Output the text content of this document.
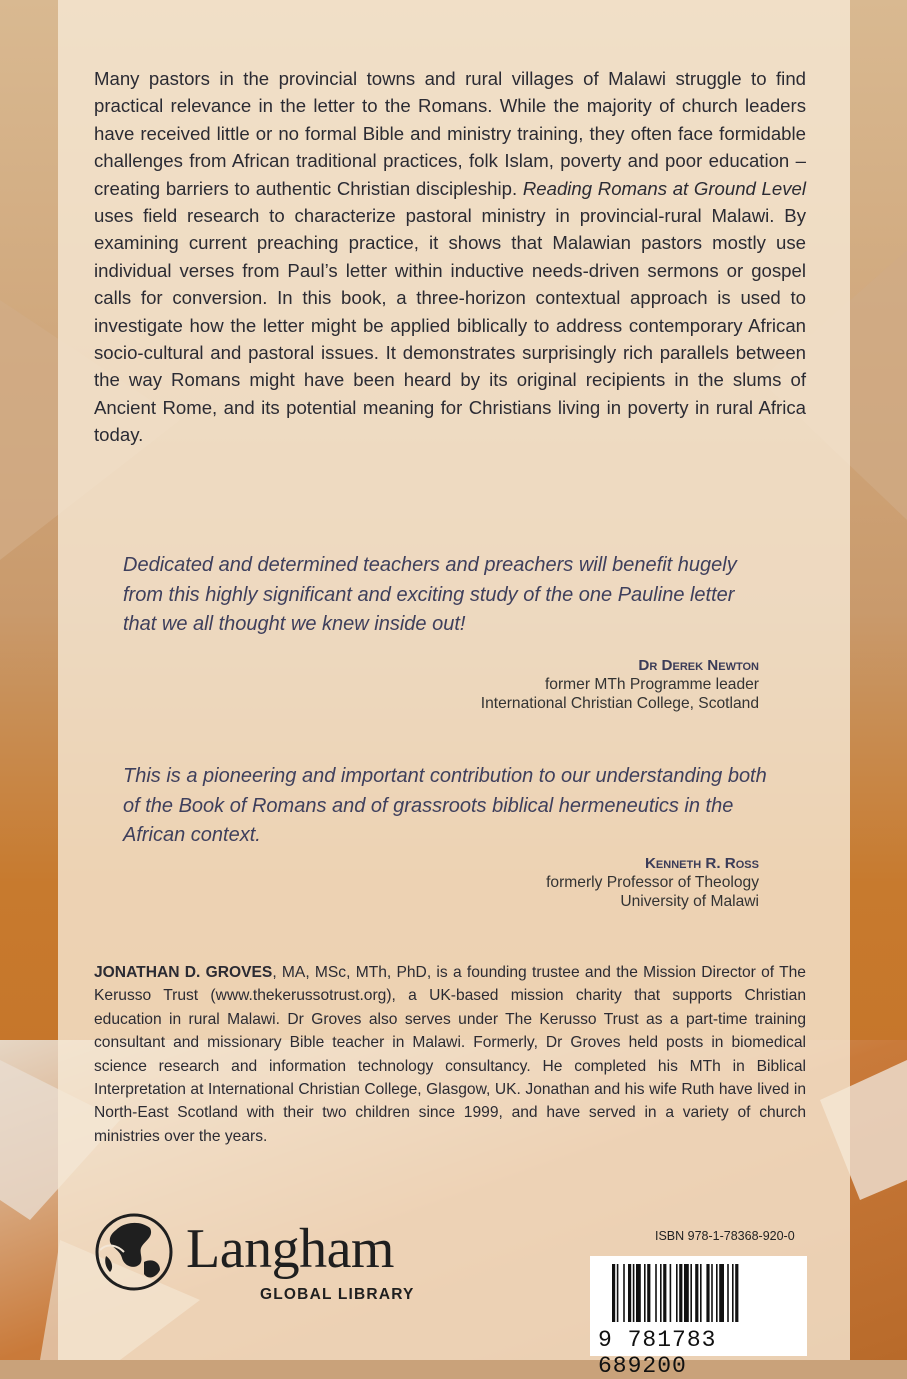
Many pastors in the provincial towns and rural villages of Malawi struggle to find practical relevance in the letter to the Romans. While the majority of church leaders have received little or no formal Bible and ministry training, they often face formidable challenges from African traditional practices, folk Islam, poverty and poor education – creating barriers to authentic Christian discipleship. Reading Romans at Ground Level uses field research to characterize pastoral ministry in provincial-rural Malawi. By examining current preaching practice, it shows that Malawian pastors mostly use individual verses from Paul’s letter within inductive needs-driven sermons or gospel calls for conversion. In this book, a three-horizon contextual approach is used to investigate how the letter might be applied biblically to address contemporary African socio-cultural and pastoral issues. It demonstrates surprisingly rich parallels between the way Romans might have been heard by its original recipients in the slums of Ancient Rome, and its potential meaning for Christians living in poverty in rural Africa today.

Dedicated and determined teachers and preachers will benefit hugely from this highly significant and exciting study of the one Pauline letter that we all thought we knew inside out!

Dr Derek Newton
former MTh Programme leader
International Christian College, Scotland

This is a pioneering and important contribution to our understanding both of the Book of Romans and of grassroots biblical hermeneutics in the African context.

Kenneth R. Ross
formerly Professor of Theology
University of Malawi

JONATHAN D. GROVES, MA, MSc, MTh, PhD, is a founding trustee and the Mission Director of The Kerusso Trust (www.thekerussotrust.org), a UK-based mission charity that supports Christian education in rural Malawi. Dr Groves also serves under The Kerusso Trust as a part-time training consultant and missionary Bible teacher in Malawi. Formerly, Dr Groves held posts in biomedical science research and information technology consultancy. He completed his MTh in Biblical Interpretation at International Christian College, Glasgow, UK. Jonathan and his wife Ruth have lived in North-East Scotland with their two children since 1999, and have served in a variety of church ministries over the years.

Langham
GLOBAL LIBRARY
ISBN 978-1-78368-920-0
9 781783 689200
